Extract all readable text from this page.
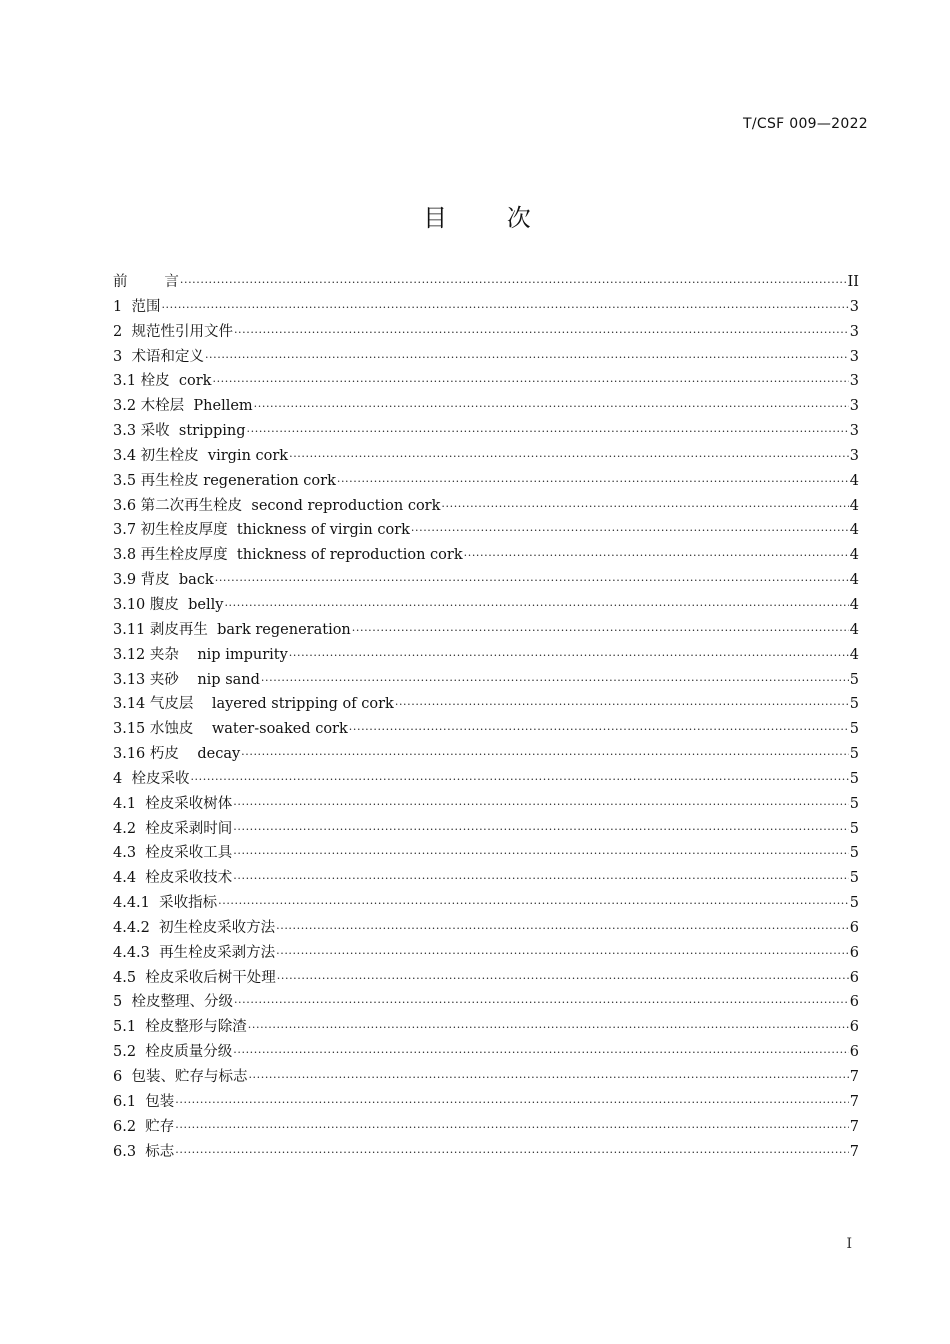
T/CSF 009—2022
目 次
前        言 .....	II
1  范围 .....	3
2  规范性引用文件 .....	3
3  术语和定义 .....	3
3.1 栓皮  cork .....	3
3.2 木栓层  Phellem .....	3
3.3 采收  stripping .....	3
3.4 初生栓皮  virgin cork .....	3
3.5 再生栓皮 regeneration cork .....	4
3.6 第二次再生栓皮  second reproduction cork .....	4
3.7 初生栓皮厚度  thickness of virgin cork .....	4
3.8 再生栓皮厚度  thickness of reproduction cork .....	4
3.9 背皮  back .....	4
3.10 腹皮  belly .....	4
3.11 剥皮再生  bark regeneration .....	4
3.12 夹杂    nip impurity .....	4
3.13 夹砂    nip sand .....	5
3.14 气皮层    layered stripping of cork .....	5
3.15 水蚀皮    water-soaked cork .....	5
3.16 朽皮    decay .....	5
4  栓皮采收 .....	5
4.1  栓皮采收树体 .....	5
4.2  栓皮采剥时间 .....	5
4.3  栓皮采收工具 .....	5
4.4  栓皮采收技术 .....	5
4.4.1  采收指标 .....	5
4.4.2  初生栓皮采收方法 .....	6
4.4.3  再生栓皮采剥方法 .....	6
4.5  栓皮采收后树干处理 .....	6
5  栓皮整理、分级 .....	6
5.1  栓皮整形与除渣 .....	6
5.2  栓皮质量分级 .....	6
6  包装、贮存与标志 .....	7
6.1  包装 .....	7
6.2  贮存 .....	7
6.3  标志 .....	7
I
